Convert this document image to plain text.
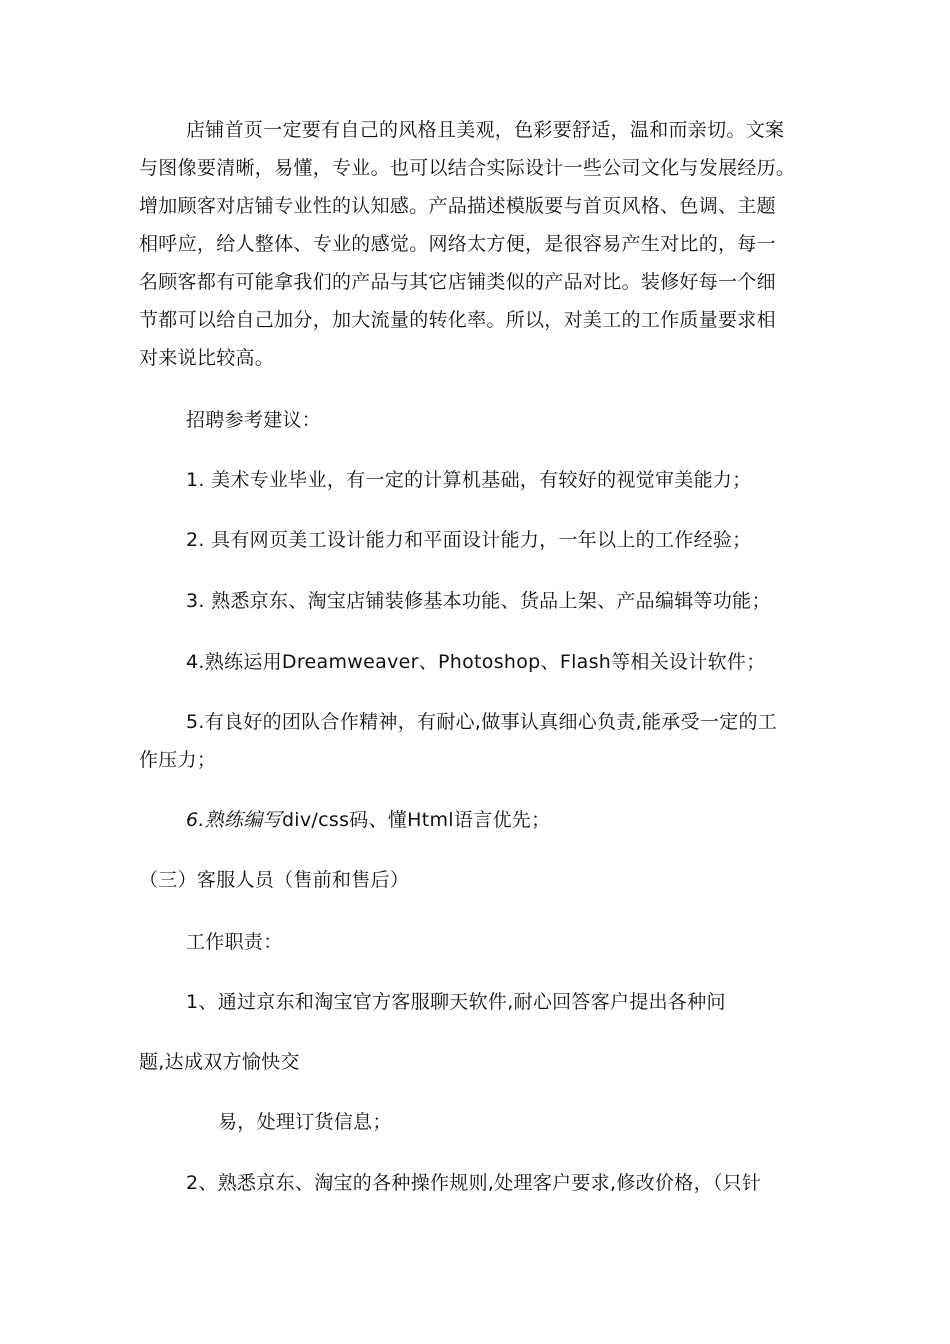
店铺首页一定要有自己的风格且美观，色彩要舒适，温和而亲切。文案
与图像要清晰，易懂，专业。也可以结合实际设计一些公司文化与发展经历。
增加顾客对店铺专业性的认知感。产品描述模版要与首页风格、色调、主题
相呼应，给人整体、专业的感觉。网络太方便，是很容易产生对比的，每一
名顾客都有可能拿我们的产品与其它店铺类似的产品对比。装修好每一个细
节都可以给自己加分，加大流量的转化率。所以，对美工的工作质量要求相
对来说比较高。
招聘参考建议：
1. 美术专业毕业，有一定的计算机基础，有较好的视觉审美能力；
2. 具有网页美工设计能力和平面设计能力，一年以上的工作经验；
3. 熟悉京东、淘宝店铺装修基本功能、货品上架、产品编辑等功能；
4.熟练运用Dreamweaver、Photoshop、Flash等相关设计软件；
5.有良好的团队合作精神，有耐心,做事认真细心负责,能承受一定的工
作压力；
6.熟练编写div/css码、懂Html语言优先；
（三）客服人员（售前和售后）
工作职责：
1、通过京东和淘宝官方客服聊天软件,耐心回答客户提出各种问
题,达成双方愉快交
易，处理订货信息；
2、熟悉京东、淘宝的各种操作规则,处理客户要求,修改价格，（只针
